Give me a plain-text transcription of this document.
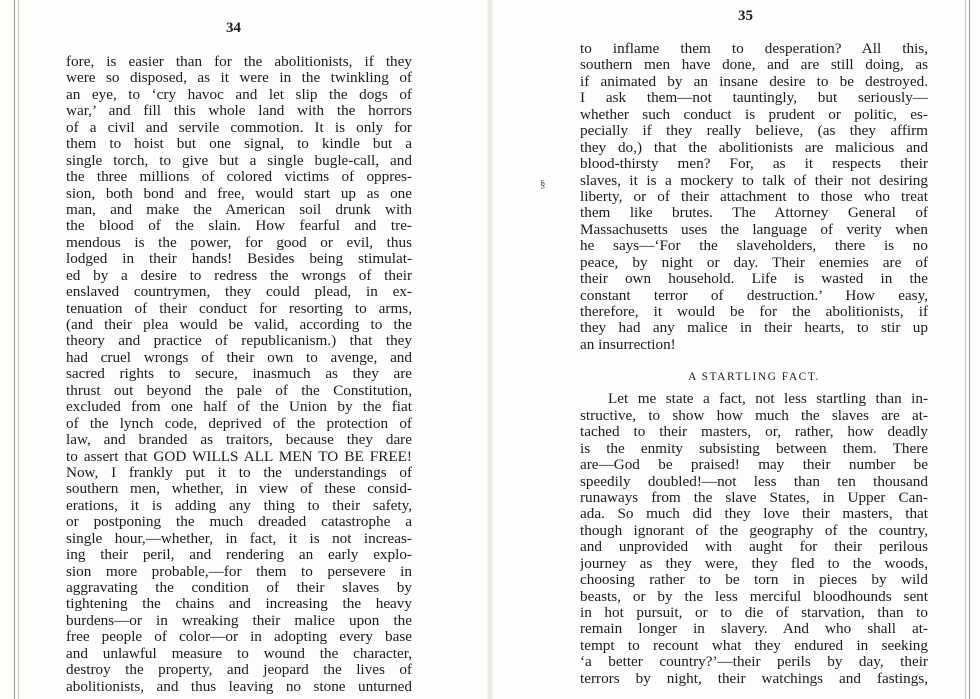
34

fore, is easier than for the abolitionists, if they
were so disposed, as it were in the twinkling of
an eye, to ‘cry havoc and let slip the dogs of
war,’ and fill this whole land with the horrors
of a civil and servile commotion. It is only for
them to hoist but one signal, to kindle but a
single torch, to give but a single bugle-call, and
the three millions of colored victims of oppres-
sion, both bond and free, would start up as one
man, and make the American soil drunk with
the blood of the slain. How fearful and tre-
mendous is the power, for good or evil, thus
lodged in their hands! Besides being stimulat-
ed by a desire to redress the wrongs of their
enslaved countrymen, they could plead, in ex-
tenuation of their conduct for resorting to arms,
(and their plea would be valid, according to the
theory and practice of republicanism.) that they
had cruel wrongs of their own to avenge, and
sacred rights to secure, inasmuch as they are
thrust out beyond the pale of the Constitution,
excluded from one half of the Union by the fiat
of the lynch code, deprived of the protection of
law, and branded as traitors, because they dare
to assert that GOD WILLS ALL MEN TO BE FREE!
Now, I frankly put it to the understandings of
southern men, whether, in view of these consid-
erations, it is adding any thing to their safety,
or postponing the much dreaded catastrophe a
single hour,—whether, in fact, it is not increas-
ing their peril, and rendering an early explo-
sion more probable,—for them to persevere in
aggravating the condition of their slaves by
tightening the chains and increasing the heavy
burdens—or in wreaking their malice upon the
free people of color—or in adopting every base
and unlawful measure to wound the character,
destroy the property, and jeopard the lives of
abolitionists, and thus leaving no stone unturned
§

35

to inflame them to desperation? All this,
southern men have done, and are still doing, as
if animated by an insane desire to be destroyed.
I ask them—not tauntingly, but seriously—
whether such conduct is prudent or politic, es-
pecially if they really believe, (as they affirm
they do,) that the abolitionists are malicious and
blood-thirsty men? For, as it respects their
slaves, it is a mockery to talk of their not desiring
liberty, or of their attachment to those who treat
them like brutes. The Attorney General of
Massachusetts uses the language of verity when
he says—‘For the slaveholders, there is no
peace, by night or day. Their enemies are of
their own household. Life is wasted in the
constant terror of destruction.’ How easy,
therefore, it would be for the abolitionists, if
they had any malice in their hearts, to stir up
an insurrection!
A STARTLING FACT.
Let me state a fact, not less startling than in-
structive, to show how much the slaves are at-
tached to their masters, or, rather, how deadly
is the enmity subsisting between them. There
are—God be praised! may their number be
speedily doubled!—not less than ten thousand
runaways from the slave States, in Upper Can-
ada. So much did they love their masters, that
though ignorant of the geography of the country,
and unprovided with aught for their perilous
journey as they were, they fled to the woods,
choosing rather to be torn in pieces by wild
beasts, or by the less merciful bloodhounds sent
in hot pursuit, or to die of starvation, than to
remain longer in slavery. And who shall at-
tempt to recount what they endured in seeking
‘a better country?’—their perils by day, their
terrors by night, their watchings and fastings,
